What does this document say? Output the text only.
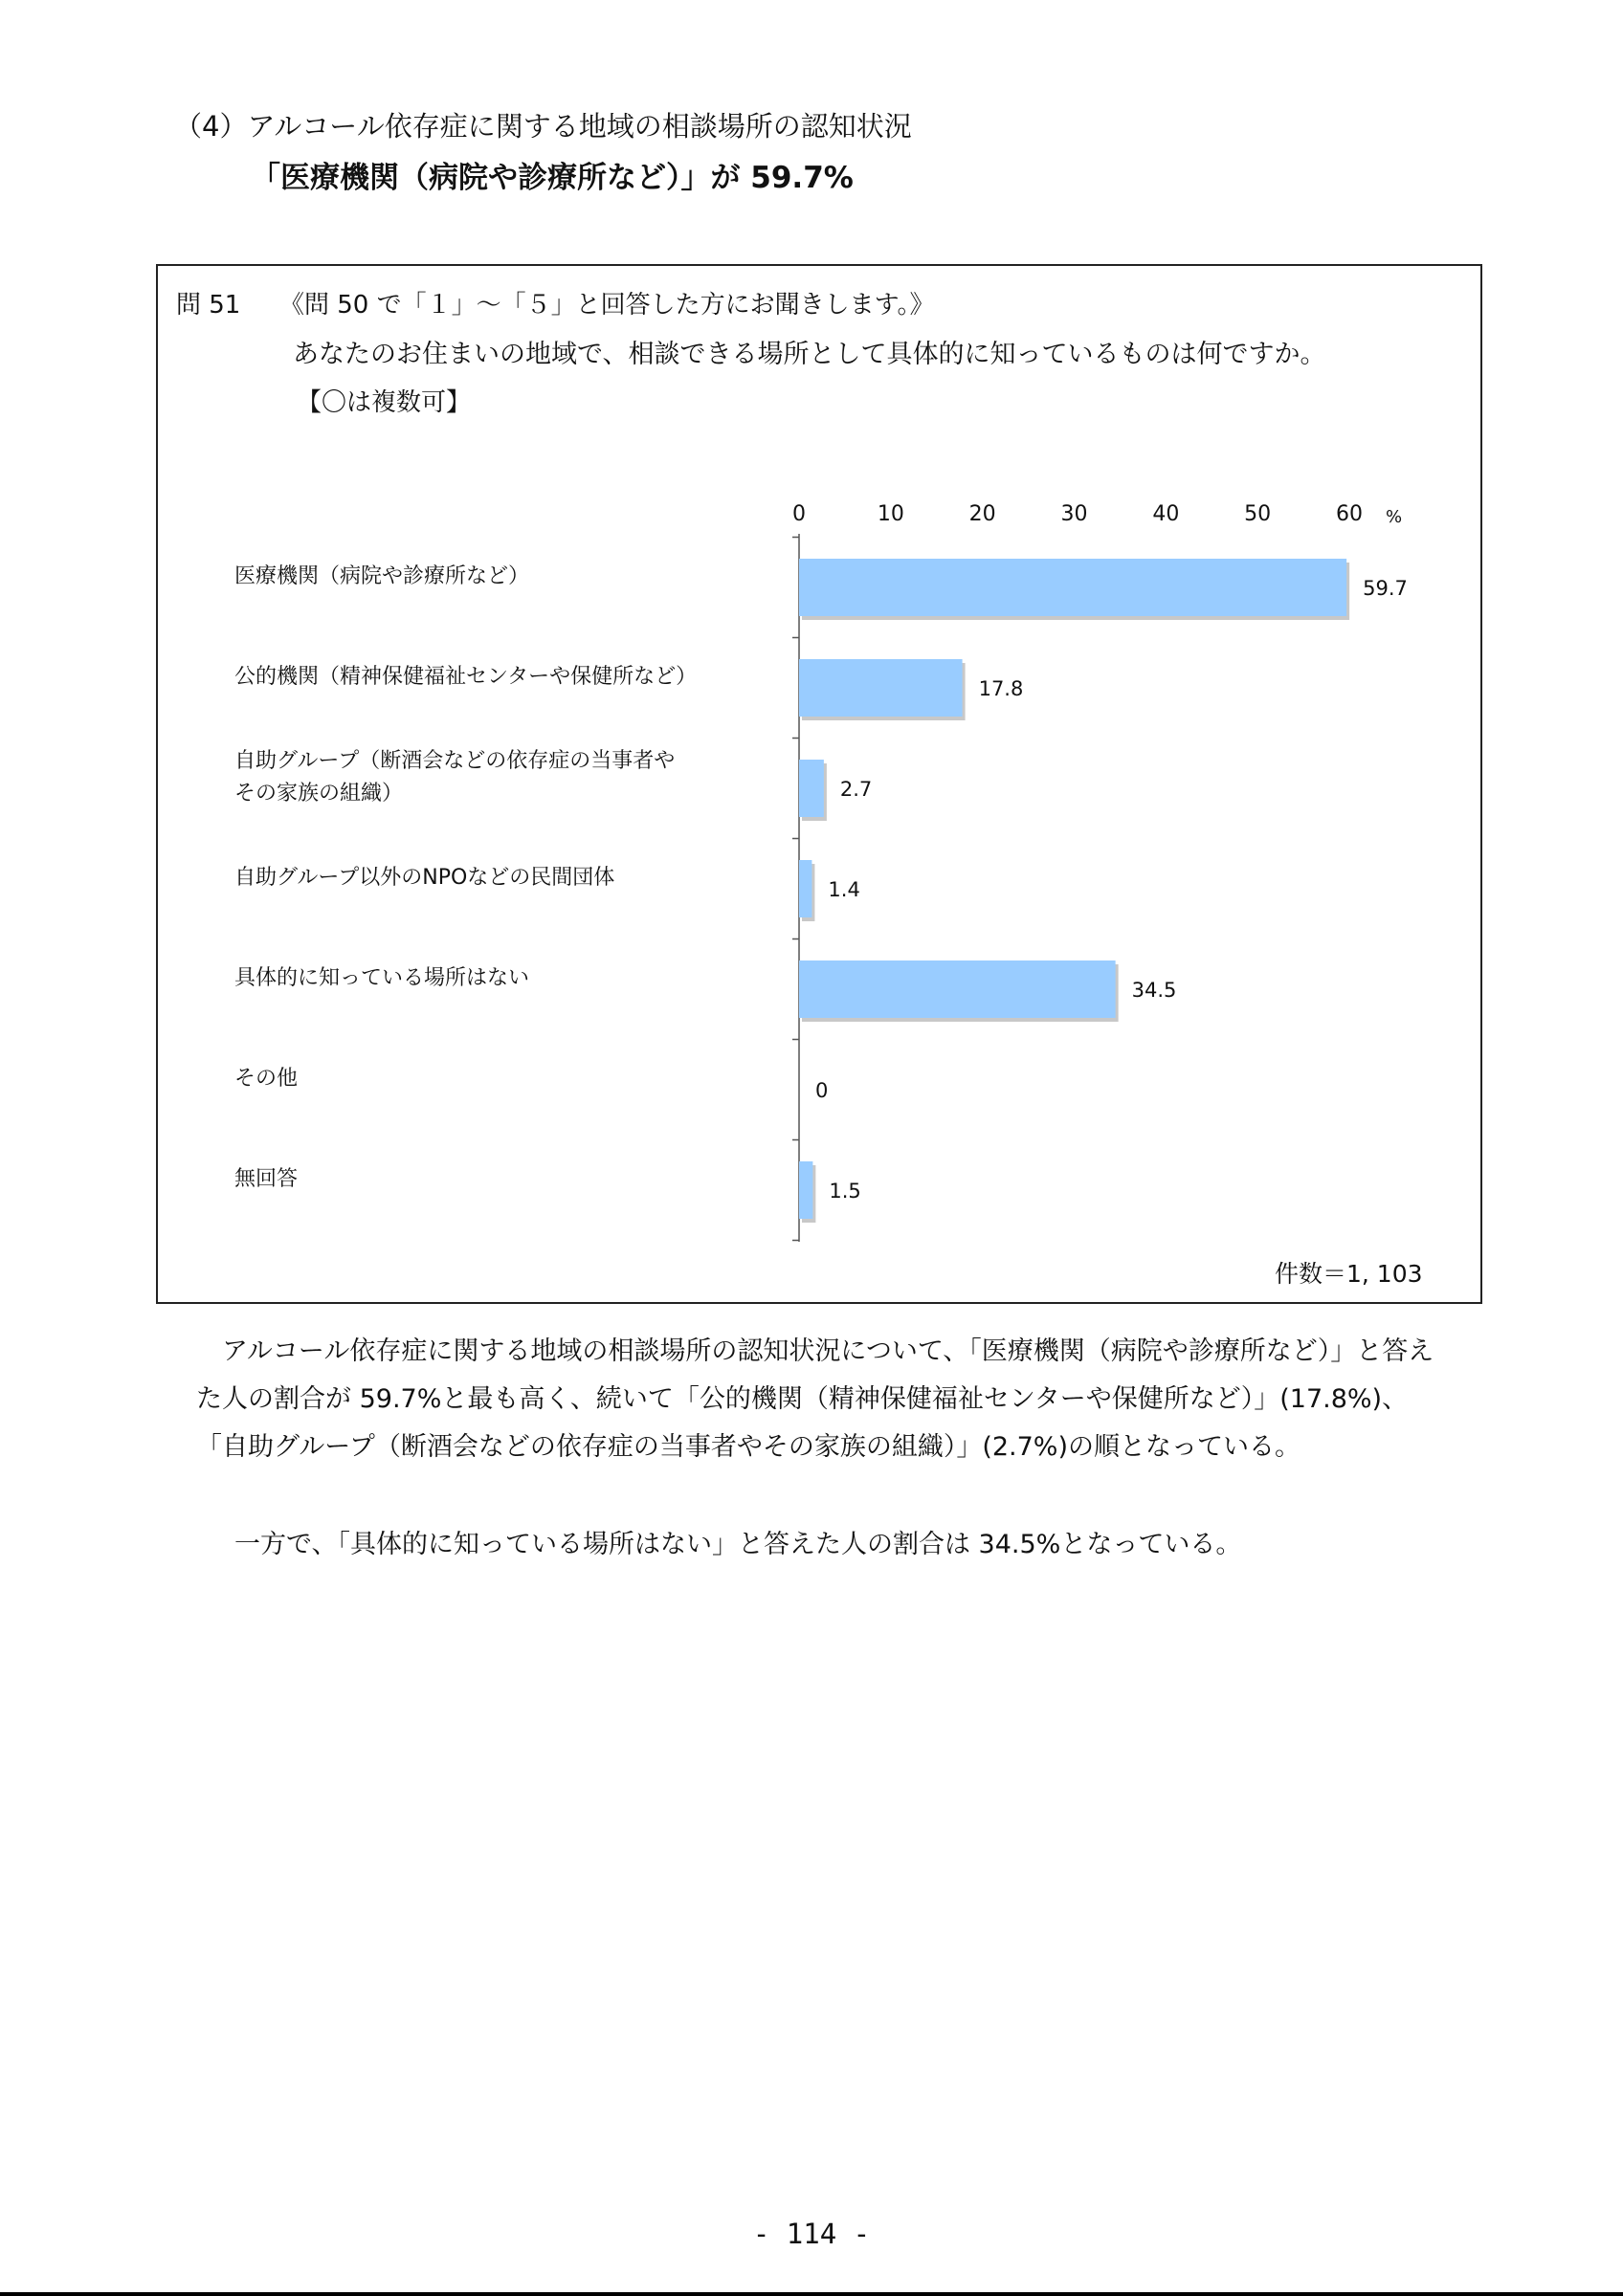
（4）アルコール依存症に関する地域の相談場所の認知状況
「医療機関（病院や診療所など）」が 59.7%
問 51 《問 50 で「１」～「５」と回答した方にお聞きします。》
あなたのお住まいの地域で、相談できる場所として具体的に知っているものは何ですか。
【〇は複数可】
0	10	20	30	40	50	60 %
59.7
17.8
2.7
1.4
34.5
0
1.5
医療機関（病院や診療所など）
公的機関（精神保健福祉センターや保健所など）
自助グループ（断酒会などの依存症の当事者や
その家族の組織）
自助グループ以外のNPOなどの民間団体
具体的に知っている場所はない
その他
無回答
件数＝1, 103
　アルコール依存症に関する地域の相談場所の認知状況について、「医療機関（病院や診療所など）」と答えた人の割合が 59.7%と最も高く、続いて「公的機関（精神保健福祉センターや保健所など）」(17.8%)、「自助グループ（断酒会などの依存症の当事者やその家族の組織）」(2.7%)の順となっている。
一方で、「具体的に知っている場所はない」と答えた人の割合は 34.5%となっている。
- 114 -
